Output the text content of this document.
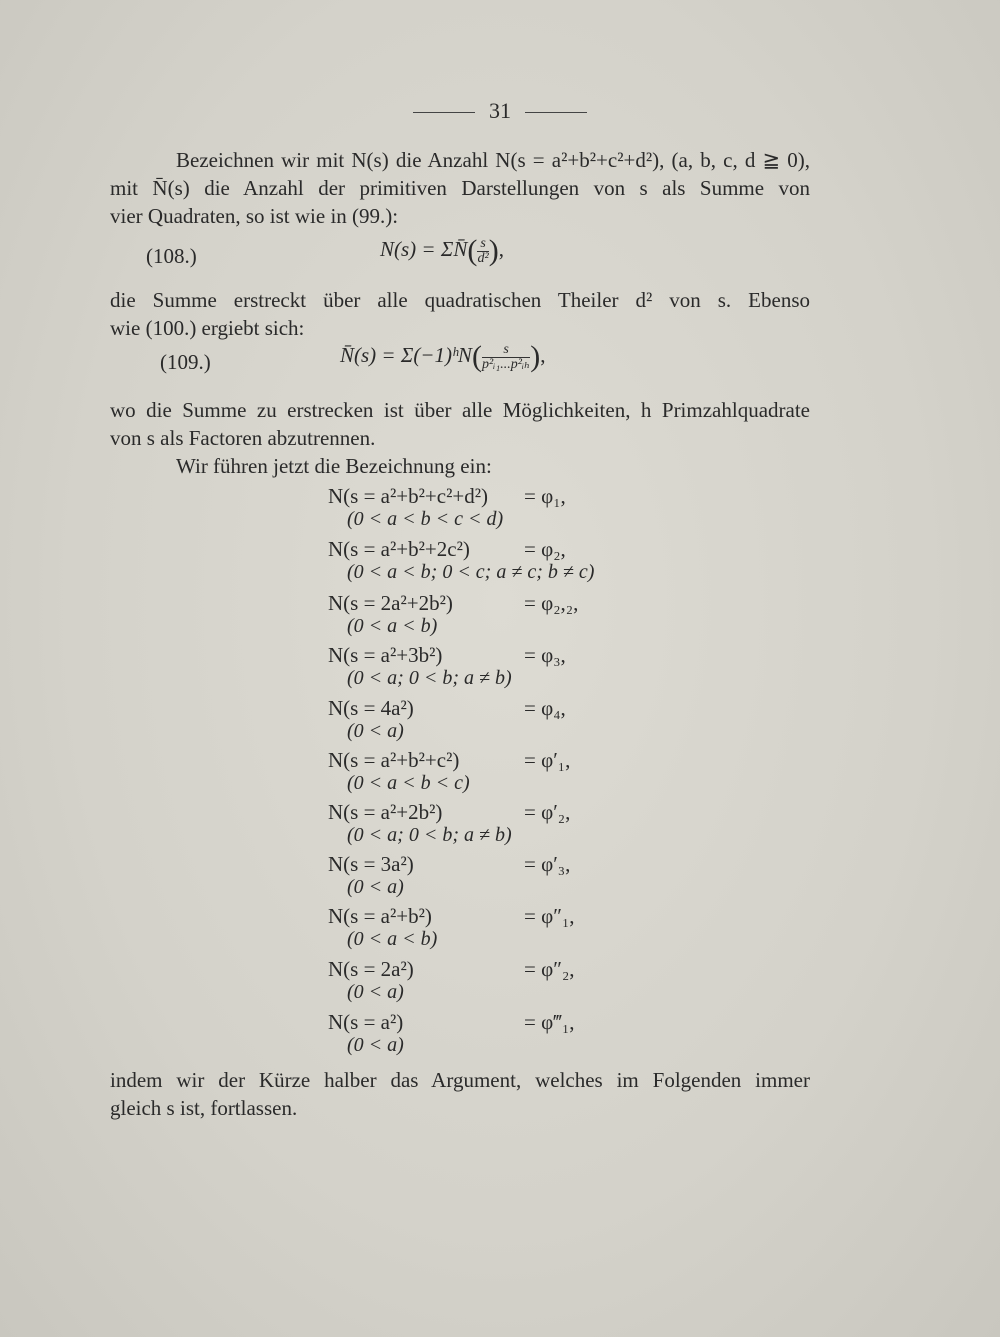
31
Bezeichnen wir mit N(s) die Anzahl N(s = a²+b²+c²+d²), (a, b, c, d ≧ 0),
mit N̄(s) die Anzahl der primitiven Darstellungen von s als Summe von
vier Quadraten, so ist wie in (99.):
(108.)	N(s) = ΣN̄( $\frac{s}{\text{d²}}$ ),
die Summe erstreckt über alle quadratischen Theiler d² von s. Ebenso
wie (100.) ergiebt sich:
(109.)	N̄(s) = Σ(−1)ʰN( $\frac{s}{\text{p²ᵢ₁...p²ᵢₕ}}$ ),
wo die Summe zu erstrecken ist über alle Möglichkeiten, h Primzahlquadrate
von s als Factoren abzutrennen.
Wir führen jetzt die Bezeichnung ein:
N(s = a²+b²+c²+d²) = φ₁,
(0 < a < b < c < d)
N(s = a²+b²+2c²)	= φ₂,
(0 < a < b; 0 < c; a ≠ c; b ≠ c)
N(s = 2a²+2b²)	= φ₂,₂,
(0 < a < b)
N(s = a²+3b²)	= φ₃,
(0 < a; 0 < b; a ≠ b)
N(s = 4a²)	= φ₄,
(0 < a)
N(s = a²+b²+c²)	= φ′₁,
(0 < a < b < c)
N(s = a²+2b²)	= φ′₂,
(0 < a; 0 < b; a ≠ b)
N(s = 3a²)	= φ′₃,
(0 < a)
N(s = a²+b²)	= φ″₁,
(0 < a < b)
N(s = 2a²)	= φ″₂,
(0 < a)
N(s = a²)	= φ‴₁,
(0 < a)
indem wir der Kürze halber das Argument, welches im Folgenden immer
gleich s ist, fortlassen.
